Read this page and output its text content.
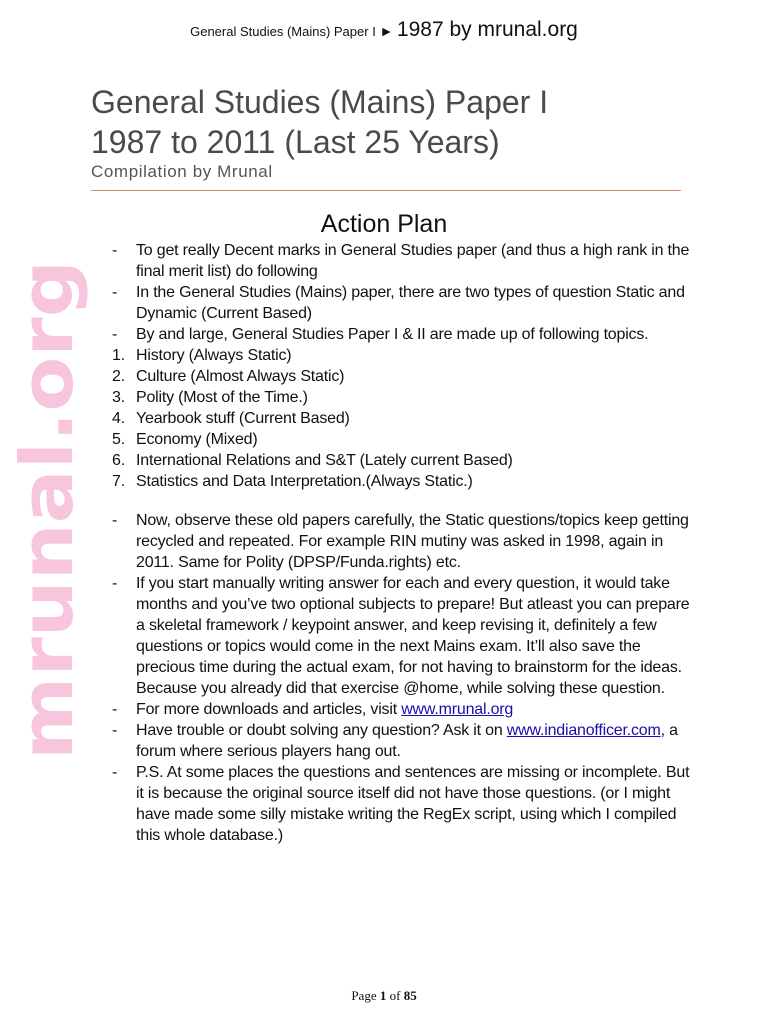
General Studies (Mains) Paper I ► 1987 by mrunal.org
mrunal.org
General Studies (Mains) Paper I
1987 to 2011 (Last 25 Years)
Compilation by Mrunal
Action Plan
- To get really Decent marks in General Studies paper (and thus a high rank in the final merit list) do following
- In the General Studies (Mains) paper, there are two types of question Static and Dynamic (Current Based)
- By and large, General Studies Paper I & II are made up of following topics.
1. History (Always Static)
2. Culture (Almost Always Static)
3. Polity (Most of the Time.)
4. Yearbook stuff (Current Based)
5. Economy (Mixed)
6. International Relations and S&T (Lately current Based)
7. Statistics and Data Interpretation.(Always Static.)
- Now, observe these old papers carefully, the Static questions/topics keep getting recycled and repeated. For example RIN mutiny was asked in 1998, again in 2011. Same for Polity (DPSP/Funda.rights) etc.
- If you start manually writing answer for each and every question, it would take months and you’ve two optional subjects to prepare! But atleast you can prepare a skeletal framework / keypoint answer, and keep revising it, definitely a few questions or topics would come in the next Mains exam. It’ll also save the precious time during the actual exam, for not having to brainstorm for the ideas. Because you already did that exercise @home, while solving these question.
- For more downloads and articles, visit www.mrunal.org
- Have trouble or doubt solving any question? Ask it on www.indianofficer.com, a forum where serious players hang out.
- P.S. At some places the questions and sentences are missing or incomplete. But it is because the original source itself did not have those questions. (or I might have made some silly mistake writing the RegEx script, using which I compiled this whole database.)
Page 1 of 85
